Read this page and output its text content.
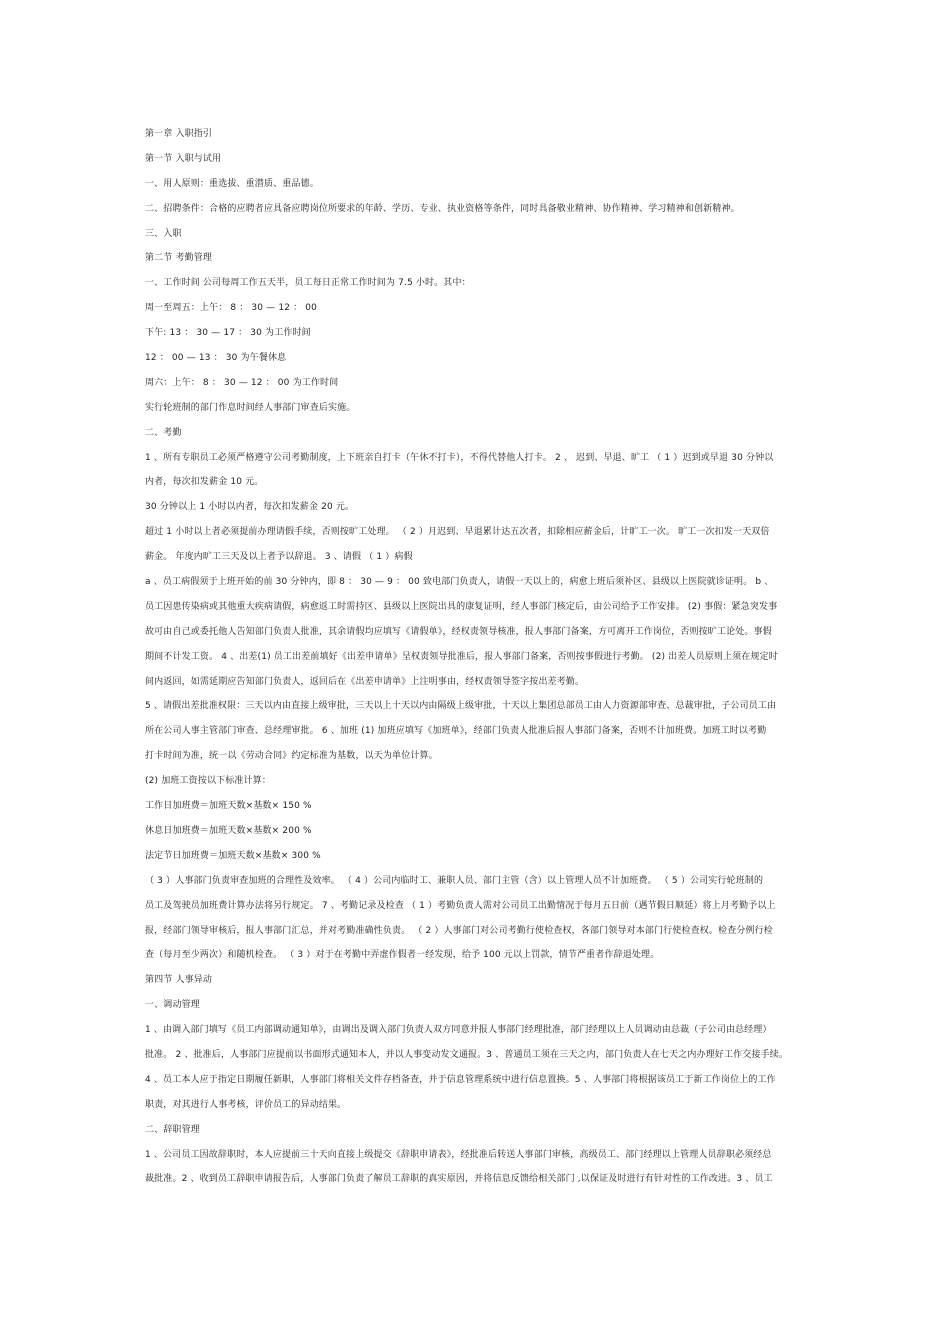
第一章 入职指引
第一节 入职与试用
一、用人原则：重选拔、重潜质、重品德。
二、招聘条件：合格的应聘者应具备应聘岗位所要求的年龄、学历、专业、执业资格等条件，同时具备敬业精神、协作精神、学习精神和创新精神。
三、入职
第二节 考勤管理
一、工作时间 公司每周工作五天半，员工每日正常工作时间为 7.5 小时。其中：
周一至周五：上午： 8 ： 30 — 12 ： 00
下午: 13 ： 30 — 17 ： 30 为工作时间
12 ： 00 — 13 ： 30 为午餐休息
周六：上午： 8 ： 30 — 12 ： 00 为工作时间
实行轮班制的部门作息时间经人事部门审查后实施。
二、考勤
1 、所有专职员工必须严格遵守公司考勤制度，上下班亲自打卡（午休不打卡），不得代替他人打卡。 2 、 迟到、早退、旷工 （ 1 ）迟到或早退 30 分钟以
内者，每次扣发薪金 10 元。
30 分钟以上 1 小时以内者，每次扣发薪金 20 元。
超过 1 小时以上者必须提前办理请假手续，否则按旷工处理。 （ 2 ）月迟到、早退累计达五次者，扣除相应薪金后，计旷工一次。 旷工一次扣发一天双倍
薪金。 年度内旷工三天及以上者予以辞退。 3 、请假 （ 1 ）病假
a 、员工病假须于上班开始的前 30 分钟内，即 8 ： 30 — 9 ： 00 致电部门负责人，请假一天以上的，病愈上班后须补区、县级以上医院就诊证明。 b 、
员工因患传染病或其他重大疾病请假，病愈返工时需持区、县级以上医院出具的康复证明，经人事部门核定后，由公司给予工作安排。 (2) 事假：紧急突发事
故可由自己或委托他人告知部门负责人批准，其余请假均应填写《请假单》，经权责领导核准，报人事部门备案，方可离开工作岗位，否则按旷工论处。事假
期间不计发工资。 4 、出差(1) 员工出差前填好《出差申请单》呈权责领导批准后，报人事部门备案，否则按事假进行考勤。 (2) 出差人员原则上须在规定时
间内返回，如需延期应告知部门负责人，返回后在《出差申请单》上注明事由，经权责领导签字按出差考勤。
5 、请假出差批准权限：三天以内由直接上级审批，三天以上十天以内由隔级上级审批，十天以上集团总部员工由人力资源部审查、总裁审批，子公司员工由
所在公司人事主管部门审查、总经理审批。 6 、加班 (1) 加班应填写《加班单》，经部门负责人批准后报人事部门备案，否则不计加班费。加班工时以考勤
打卡时间为准，统一以《劳动合同》约定标准为基数，以天为单位计算。
(2) 加班工资按以下标准计算：
工作日加班费＝加班天数×基数× 150 %
休息日加班费＝加班天数×基数× 200 %
法定节日加班费＝加班天数×基数× 300 %
（ 3 ）人事部门负责审查加班的合理性及效率。 （ 4 ）公司内临时工、兼职人员、部门主管（含）以上管理人员不计加班费。 （ 5 ）公司实行轮班制的
员工及驾驶员加班费计算办法将另行规定。 7 、考勤记录及检查 （ 1 ）考勤负责人需对公司员工出勤情况于每月五日前（遇节假日顺延）将上月考勤予以上
报，经部门领导审核后，报人事部门汇总，并对考勤准确性负责。 （ 2 ）人事部门对公司考勤行使检查权，各部门领导对本部门行使检查权。检查分例行检
查（每月至少两次）和随机检查。 （ 3 ）对于在考勤中弄虚作假者一经发现，给予 100 元以上罚款，情节严重者作辞退处理。
第四节 人事异动
一、调动管理
1 、由调入部门填写《员工内部调动通知单》，由调出及调入部门负责人双方同意并报人事部门经理批准，部门经理以上人员调动由总裁（子公司由总经理）
批准。 2 、批准后，人事部门应提前以书面形式通知本人，并以人事变动发文通报。3 、普通员工须在三天之内，部门负责人在七天之内办理好工作交接手续。
4 、员工本人应于指定日期履任新职，人事部门将相关文件存档备查，并于信息管理系统中进行信息置换。5 、人事部门将根据该员工于新工作岗位上的工作
职责，对其进行人事考核，评价员工的异动结果。
二、辞职管理
1 、公司员工因故辞职时，本人应提前三十天向直接上级提交《辞职申请表》，经批准后转送人事部门审核，高级员工、部门经理以上管理人员辞职必须经总
裁批准。2 、收到员工辞职申请报告后，人事部门负责了解员工辞职的真实原因，并将信息反馈给相关部门 ,以保证及时进行有针对性的工作改进。3 、员工
